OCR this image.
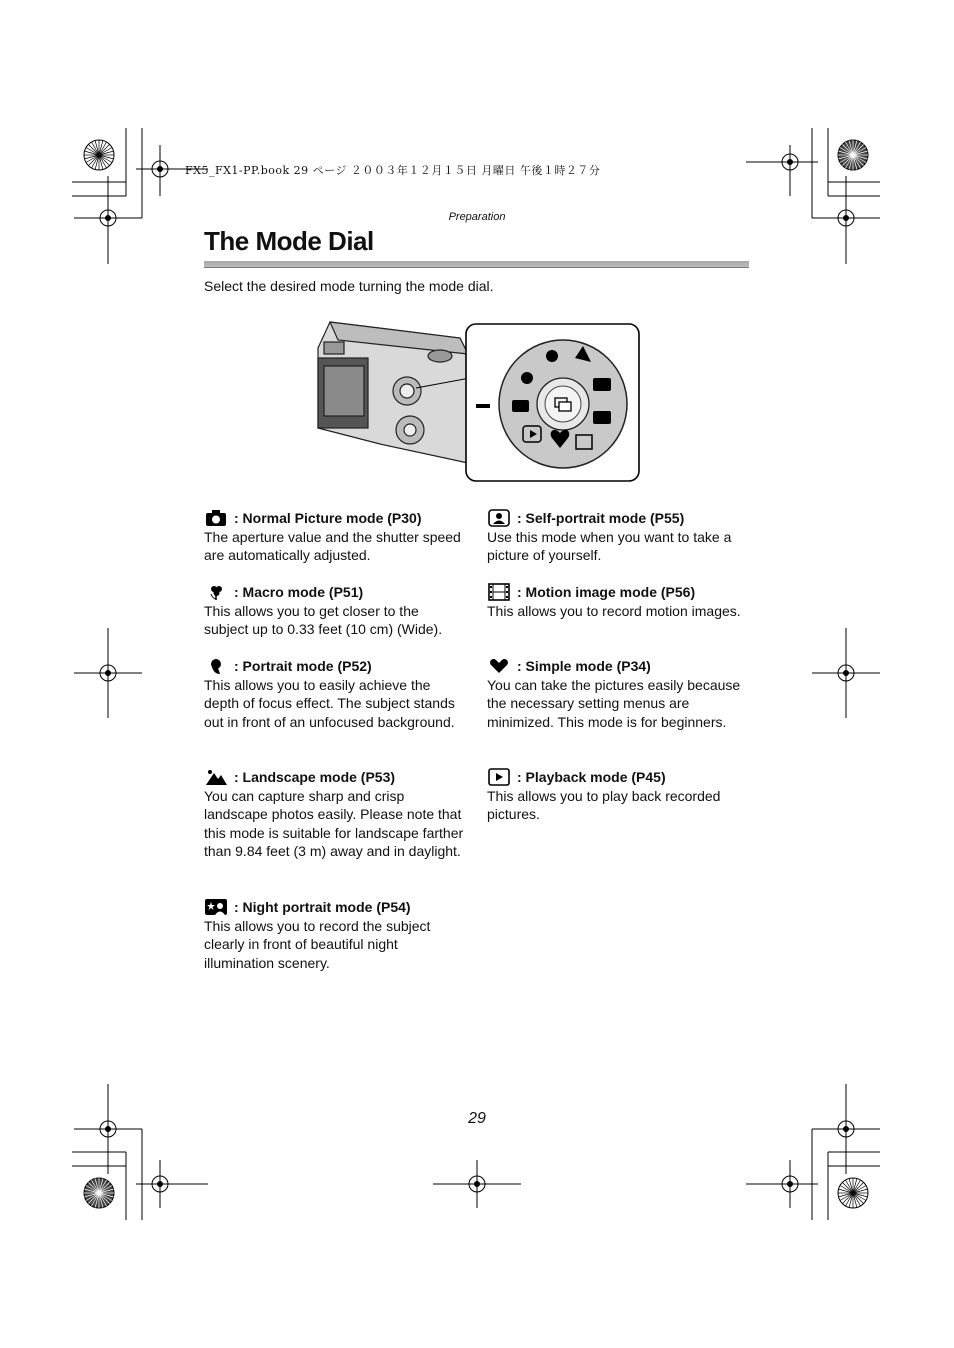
FX5_FX1-PP.book 29 ページ ２００３年１２月１５日 月曜日 午後１時２７分
Preparation
The Mode Dial
Select the desired mode turning the mode dial.
: Normal Picture mode (P30)
The aperture value and the shutter speed are automatically adjusted.
: Macro mode (P51)
This allows you to get closer to the subject up to 0.33 feet (10 cm) (Wide).
: Portrait mode (P52)
This allows you to easily achieve the depth of focus effect. The subject stands out in front of an unfocused background.
: Landscape mode (P53)
You can capture sharp and crisp landscape photos easily. Please note that this mode is suitable for landscape farther than 9.84 feet (3 m) away and in daylight.
: Night portrait mode (P54)
This allows you to record the subject clearly in front of beautiful night illumination scenery.
: Self-portrait mode (P55)
Use this mode when you want to take a picture of yourself.
: Motion image mode (P56)
This allows you to record motion images.
: Simple mode (P34)
You can take the pictures easily because the necessary setting menus are minimized. This mode is for beginners.
: Playback mode (P45)
This allows you to play back recorded pictures.
29
